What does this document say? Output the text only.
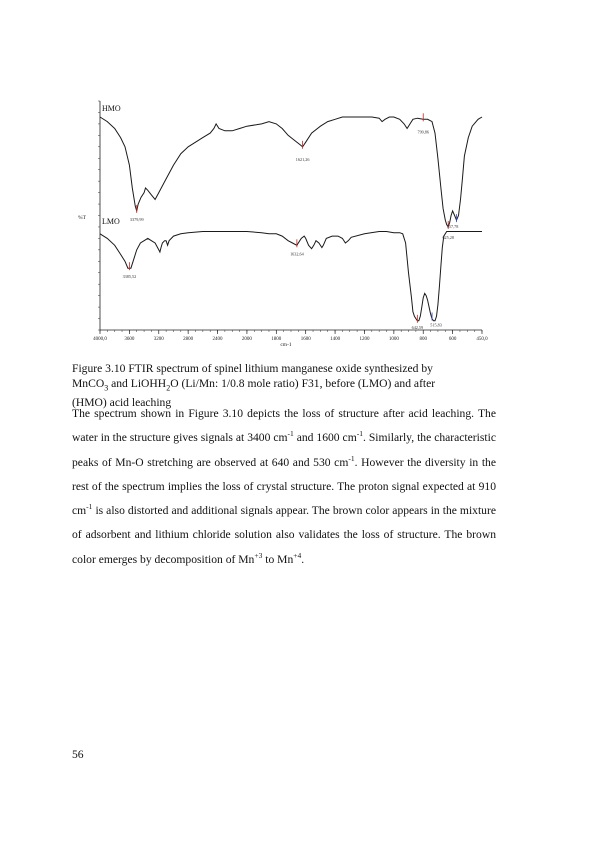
4000,0	3600	3200	2800	2400	2000	1800	1600	1400	1200	1000	800	600	450,0
cm-1
%T
HMO
LMO
1621,26
799,86
3379,99
557,78
625,28
3385,52
1632,64
515,83
642,59
Figure 3.10 FTIR spectrum of spinel lithium manganese oxide synthesized by
MnCO$_3$ and LiOHH$_2$O (Li/Mn: 1/0.8 mole ratio) F31, before (LMO) and after
(HMO) acid leaching
The spectrum shown in Figure 3.10 depicts the loss of structure after acid leaching. The water in the structure gives signals at 3400 $cm^{-1}$ and 1600 $cm^{-1}$. Similarly, the characteristic peaks of Mn-O stretching are observed at 640 and 530 $cm^{-1}$. However the diversity in the rest of the spectrum implies the loss of crystal structure. The proton signal expected at 910 $cm^{-1}$ is also distorted and additional signals appear. The brown color appears in the mixture of adsorbent and lithium chloride solution also validates the loss of structure. The brown color emerges by decomposition of $Mn^{+3}$ to $Mn^{+4}$.
56
